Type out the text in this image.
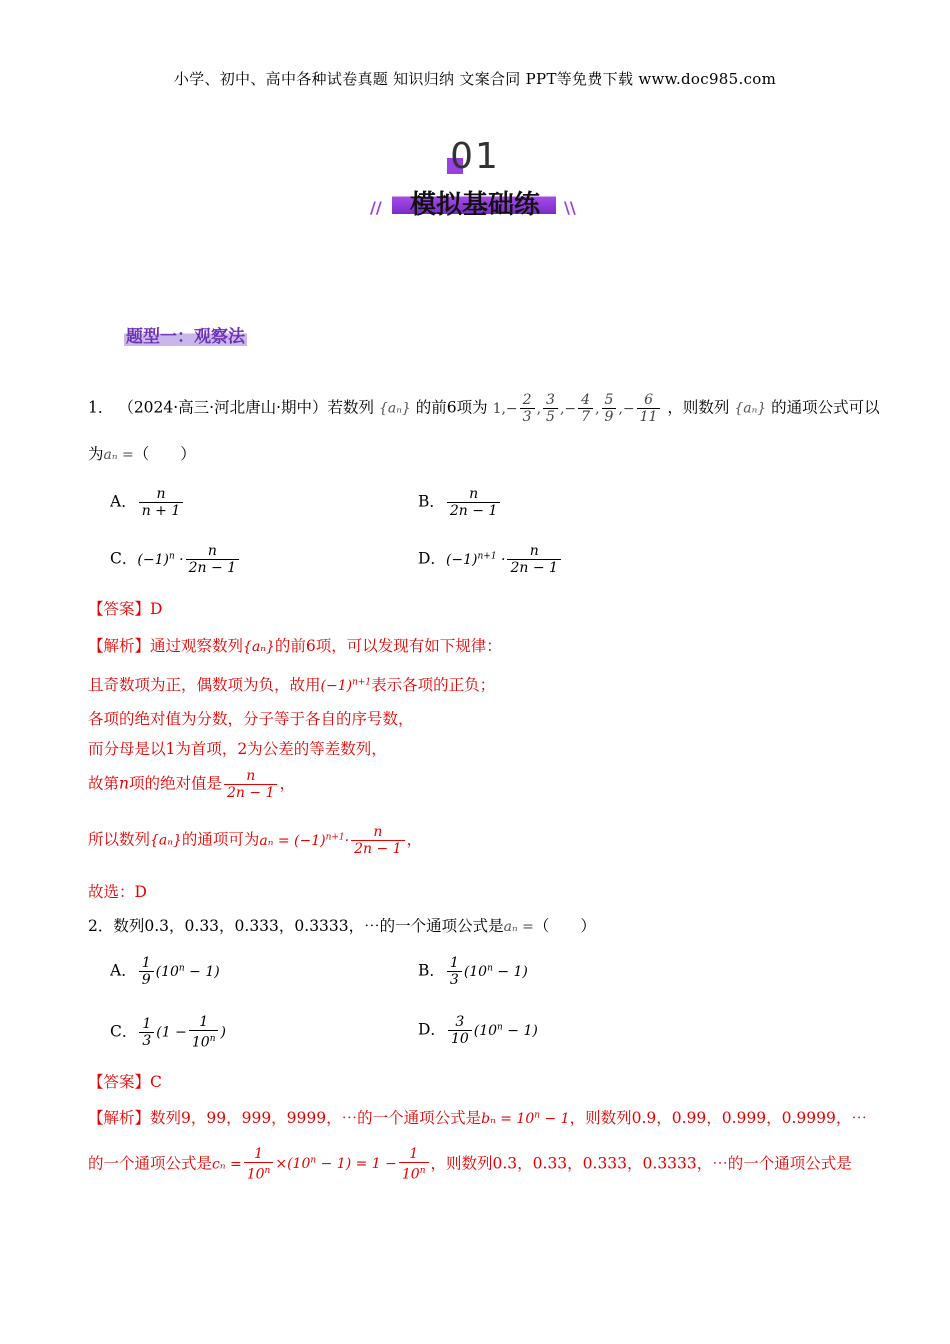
小学、初中、高中各种试卷真题 知识归纳 文案合同 PPT等免费下载 www.doc985.com
01
模拟基础练
//	\\
题型一：观察法
1． （2024·高三·河北唐山·期中）若数列 {aₙ} 的前6项为 $1,- \frac{2}{3}$ , $\frac{3}{5}$ ,− $\frac{4}{7}$ , $\frac{5}{9}$ ,− $\frac{6}{11}$ ，则数列 {aₙ} 的通项公式可以
为aₙ =（　　）
A． $\frac{n}{n + 1}$	B． $\frac{n}{2n - 1}$
C．$(-1)^n \cdot \frac{n}{2n - 1}$	D．$(-1)^{n+1} \cdot \frac{n}{2n - 1}$
【答案】D
【解析】通过观察数列{aₙ}的前6项，可以发现有如下规律：
且奇数项为正，偶数项为负，故用$(-1)^{n+1}$表示各项的正负；
各项的绝对值为分数，分子等于各自的序号数，
而分母是以1为首项，2为公差的等差数列，
故第n项的绝对值是 $\frac{n}{2n - 1}$ ，
所以数列{aₙ}的通项可为$a_n = (-1)^{n+1}\cdot \frac{n}{2n - 1}$ ，
故选：D
2．数列0.3，0.33，0.333，0.3333，⋯的一个通项公式是aₙ =（　　）
A． $\frac{1}{9} (10^n - 1)$	B． $\frac{1}{3} (10^n - 1)$
C． $\frac{1}{3} (1 - \frac{1}{10^n}$ )	D． $\frac{3}{10} (10^n - 1)$
【答案】C
【解析】数列9，99，999，9999，⋯的一个通项公式是$b_n = 10^n - 1$，则数列0.9，0.99，0.999，0.9999，⋯
的一个通项公式是$c_n = \frac{1}{10^n} \times(10^n - 1) = 1 - \frac{1}{10^n}$ ，则数列0.3，0.33，0.333，0.3333，⋯的一个通项公式是
